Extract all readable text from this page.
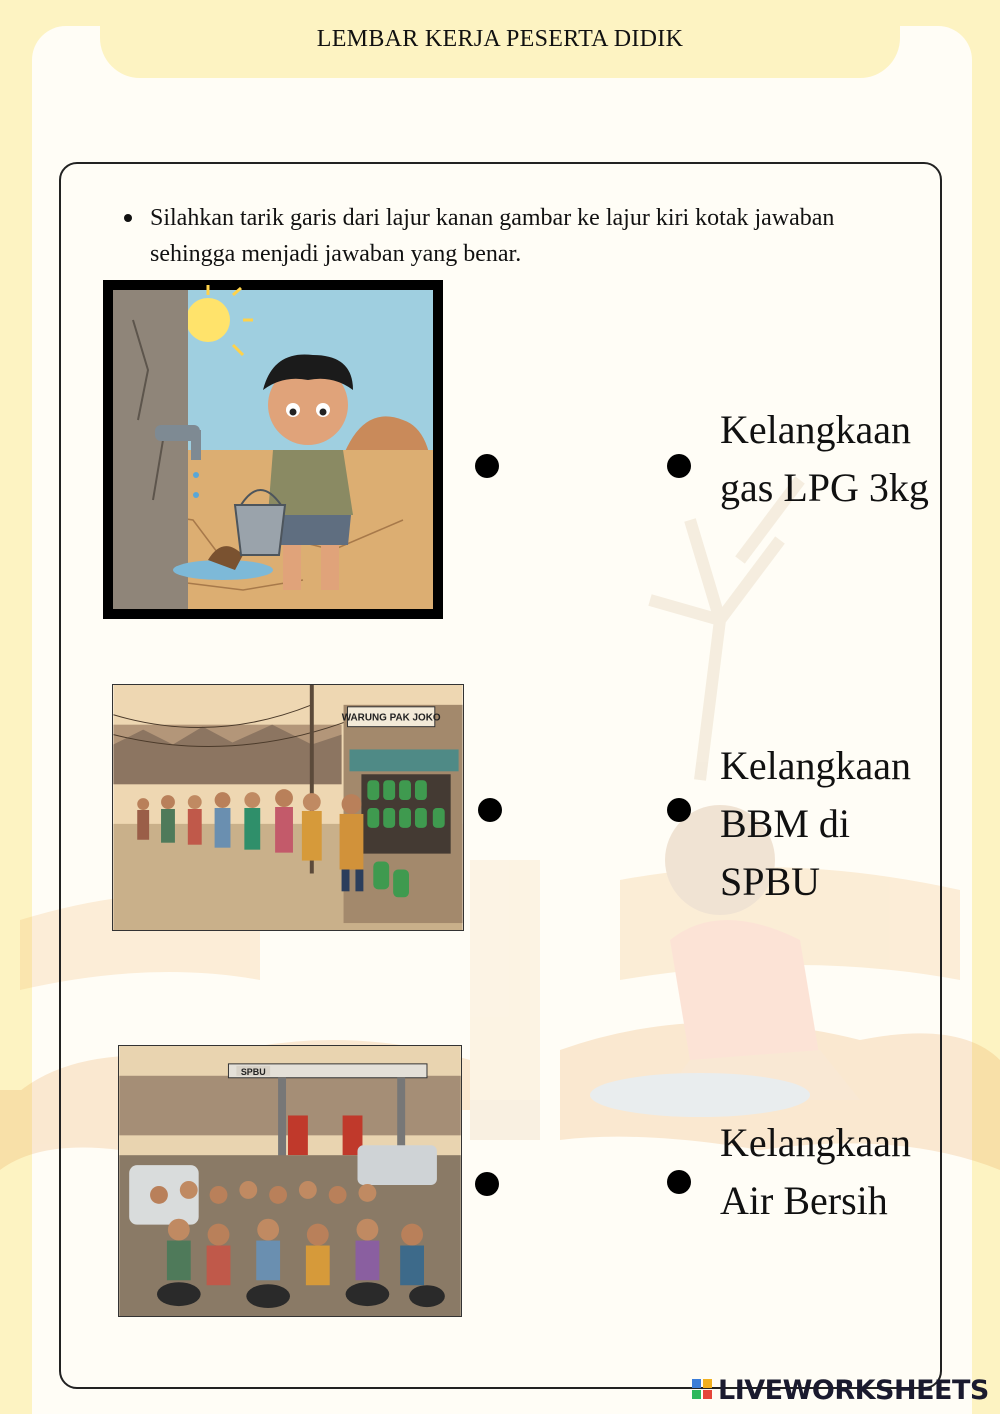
LEMBAR KERJA PESERTA DIDIK
Silahkan tarik garis dari lajur kanan gambar ke lajur kiri kotak jawaban sehingga menjadi jawaban yang benar.
WARUNG PAK JOKO
SPBU
Kelangkaan
gas LPG 3kg
Kelangkaan
BBM di
SPBU
Kelangkaan
Air Bersih
LIVEWORKSHEETS
